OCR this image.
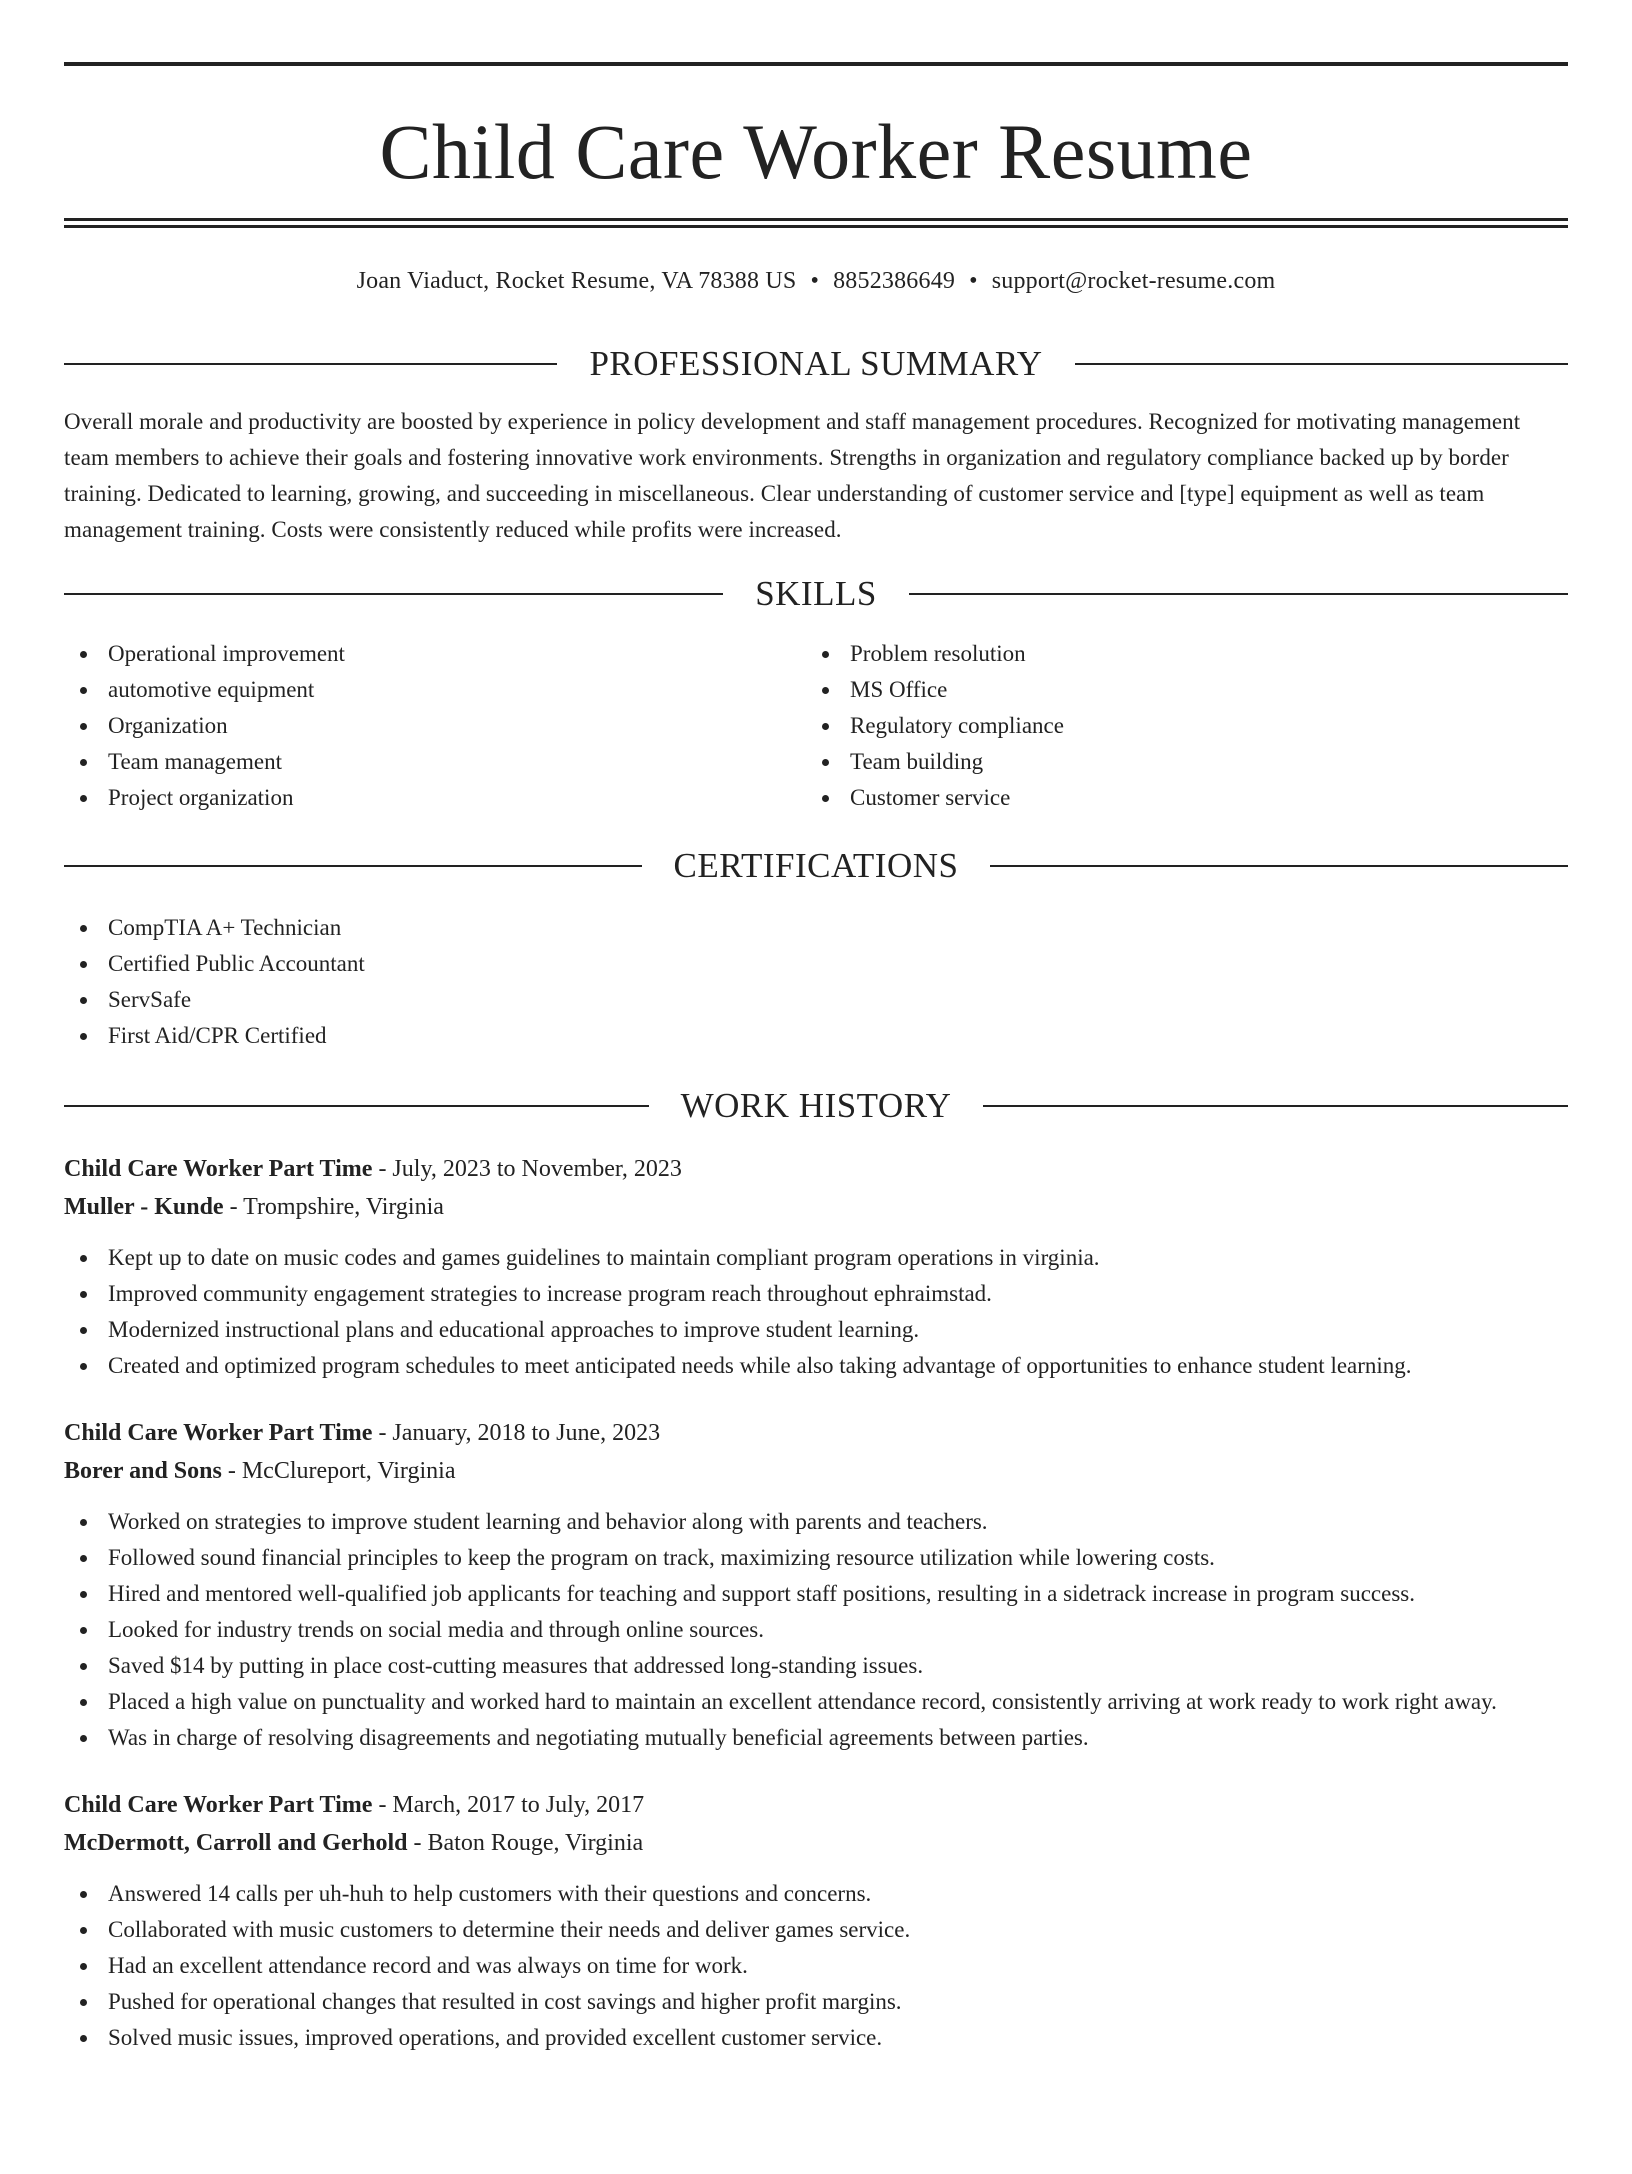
Child Care Worker Resume
Joan Viaduct, Rocket Resume, VA 78388 US • 8852386649 • support@rocket-resume.com
PROFESSIONAL SUMMARY

Overall morale and productivity are boosted by experience in policy development and staff management procedures. Recognized for motivating management team members to achieve their goals and fostering innovative work environments. Strengths in organization and regulatory compliance backed up by border training. Dedicated to learning, growing, and succeeding in miscellaneous. Clear understanding of customer service and [type] equipment as well as team management training. Costs were consistently reduced while profits were increased.

SKILLS
Operational improvement
automotive equipment
Organization
Team management
Project organization
Problem resolution
MS Office
Regulatory compliance
Team building
Customer service
CERTIFICATIONS
CompTIA A+ Technician
Certified Public Accountant
ServSafe
First Aid/CPR Certified
WORK HISTORY
Child Care Worker Part Time - July, 2023 to November, 2023
Muller - Kunde - Trompshire, Virginia
Kept up to date on music codes and games guidelines to maintain compliant program operations in virginia.
Improved community engagement strategies to increase program reach throughout ephraimstad.
Modernized instructional plans and educational approaches to improve student learning.
Created and optimized program schedules to meet anticipated needs while also taking advantage of opportunities to enhance student learning.
Child Care Worker Part Time - January, 2018 to June, 2023
Borer and Sons - McClureport, Virginia
Worked on strategies to improve student learning and behavior along with parents and teachers.
Followed sound financial principles to keep the program on track, maximizing resource utilization while lowering costs.
Hired and mentored well-qualified job applicants for teaching and support staff positions, resulting in a sidetrack increase in program success.
Looked for industry trends on social media and through online sources.
Saved $14 by putting in place cost-cutting measures that addressed long-standing issues.
Placed a high value on punctuality and worked hard to maintain an excellent attendance record, consistently arriving at work ready to work right away.
Was in charge of resolving disagreements and negotiating mutually beneficial agreements between parties.
Child Care Worker Part Time - March, 2017 to July, 2017
McDermott, Carroll and Gerhold - Baton Rouge, Virginia
Answered 14 calls per uh-huh to help customers with their questions and concerns.
Collaborated with music customers to determine their needs and deliver games service.
Had an excellent attendance record and was always on time for work.
Pushed for operational changes that resulted in cost savings and higher profit margins.
Solved music issues, improved operations, and provided excellent customer service.
